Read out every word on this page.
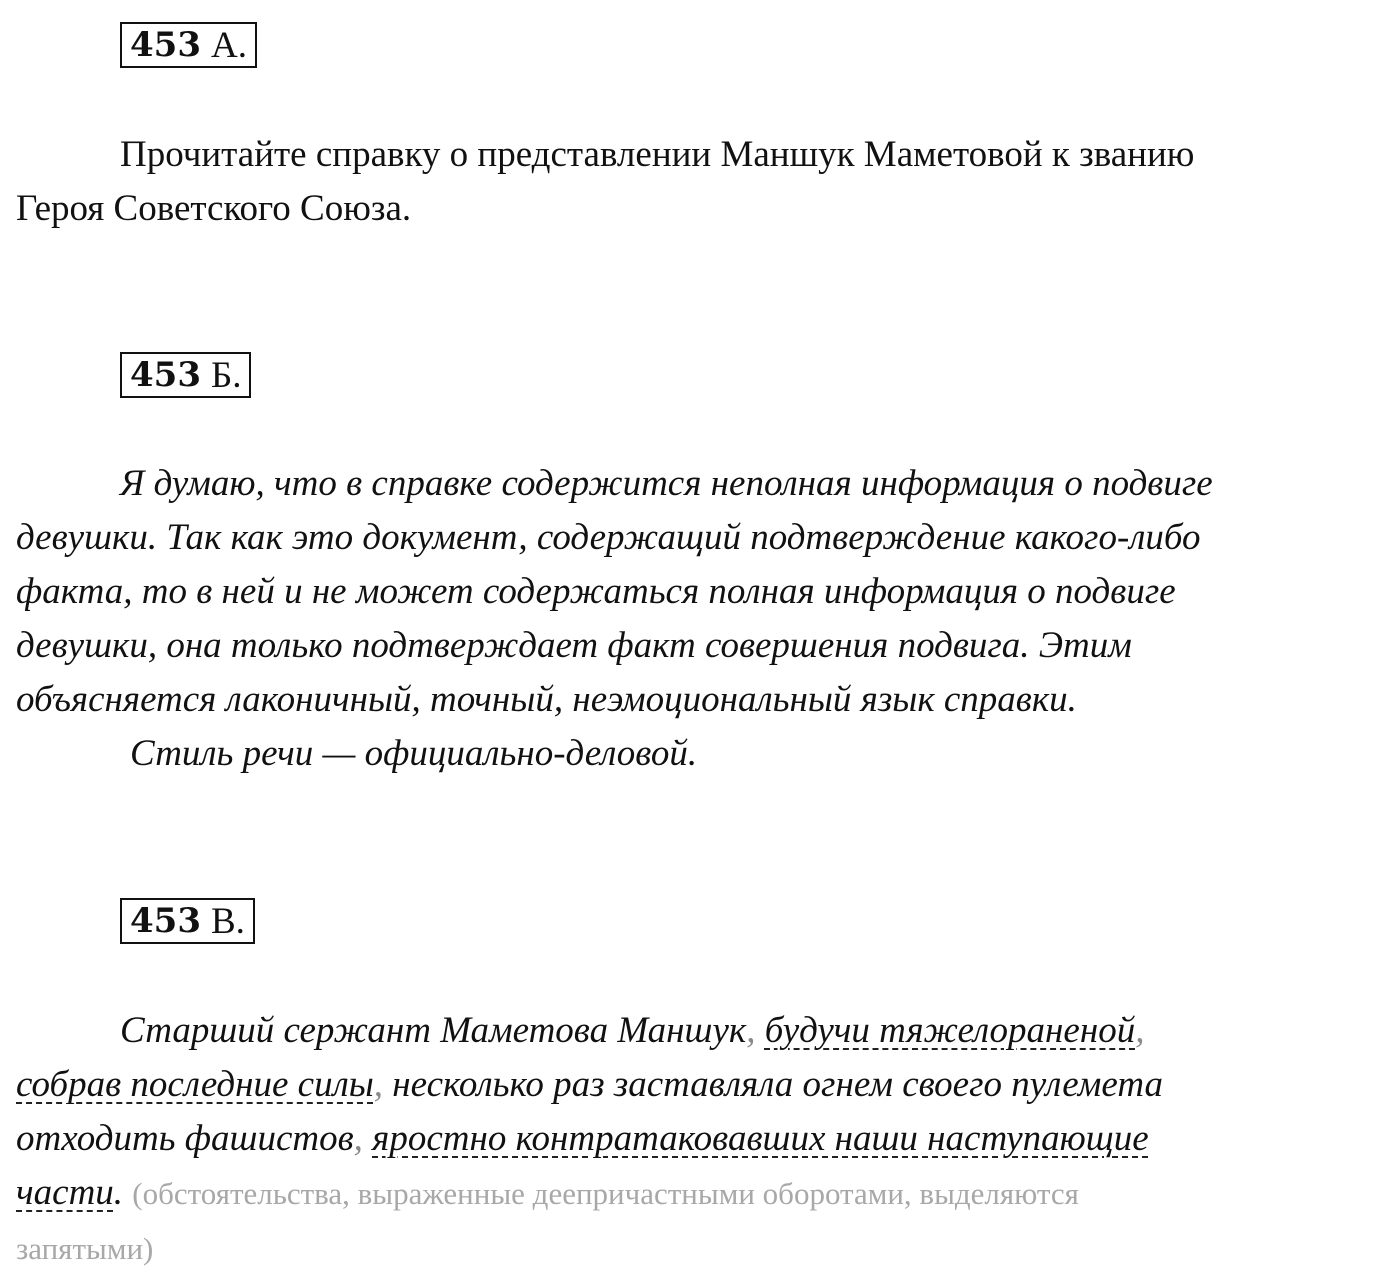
453 А.
Прочитайте справку о представлении Маншук Маметовой к званию
Героя Советского Союза.
453 Б.
Я думаю, что в справке содержится неполная информация о подвиге
девушки. Так как это документ, содержащий подтверждение какого-либо
факта, то в ней и не может содержаться полная информация о подвиге
девушки, она только подтверждает факт совершения подвига. Этим
объясняется лаконичный, точный, неэмоциональный язык справки.
Стиль речи — официально-деловой.
453 В.
Старший сержант Маметова Маншук, будучи тяжелораненой,
собрав последние силы, несколько раз заставляла огнем своего пулемета
отходить фашистов, яростно контратаковавших наши наступающие
части. (обстоятельства, выраженные деепричастными оборотами, выделяются
запятыми)
